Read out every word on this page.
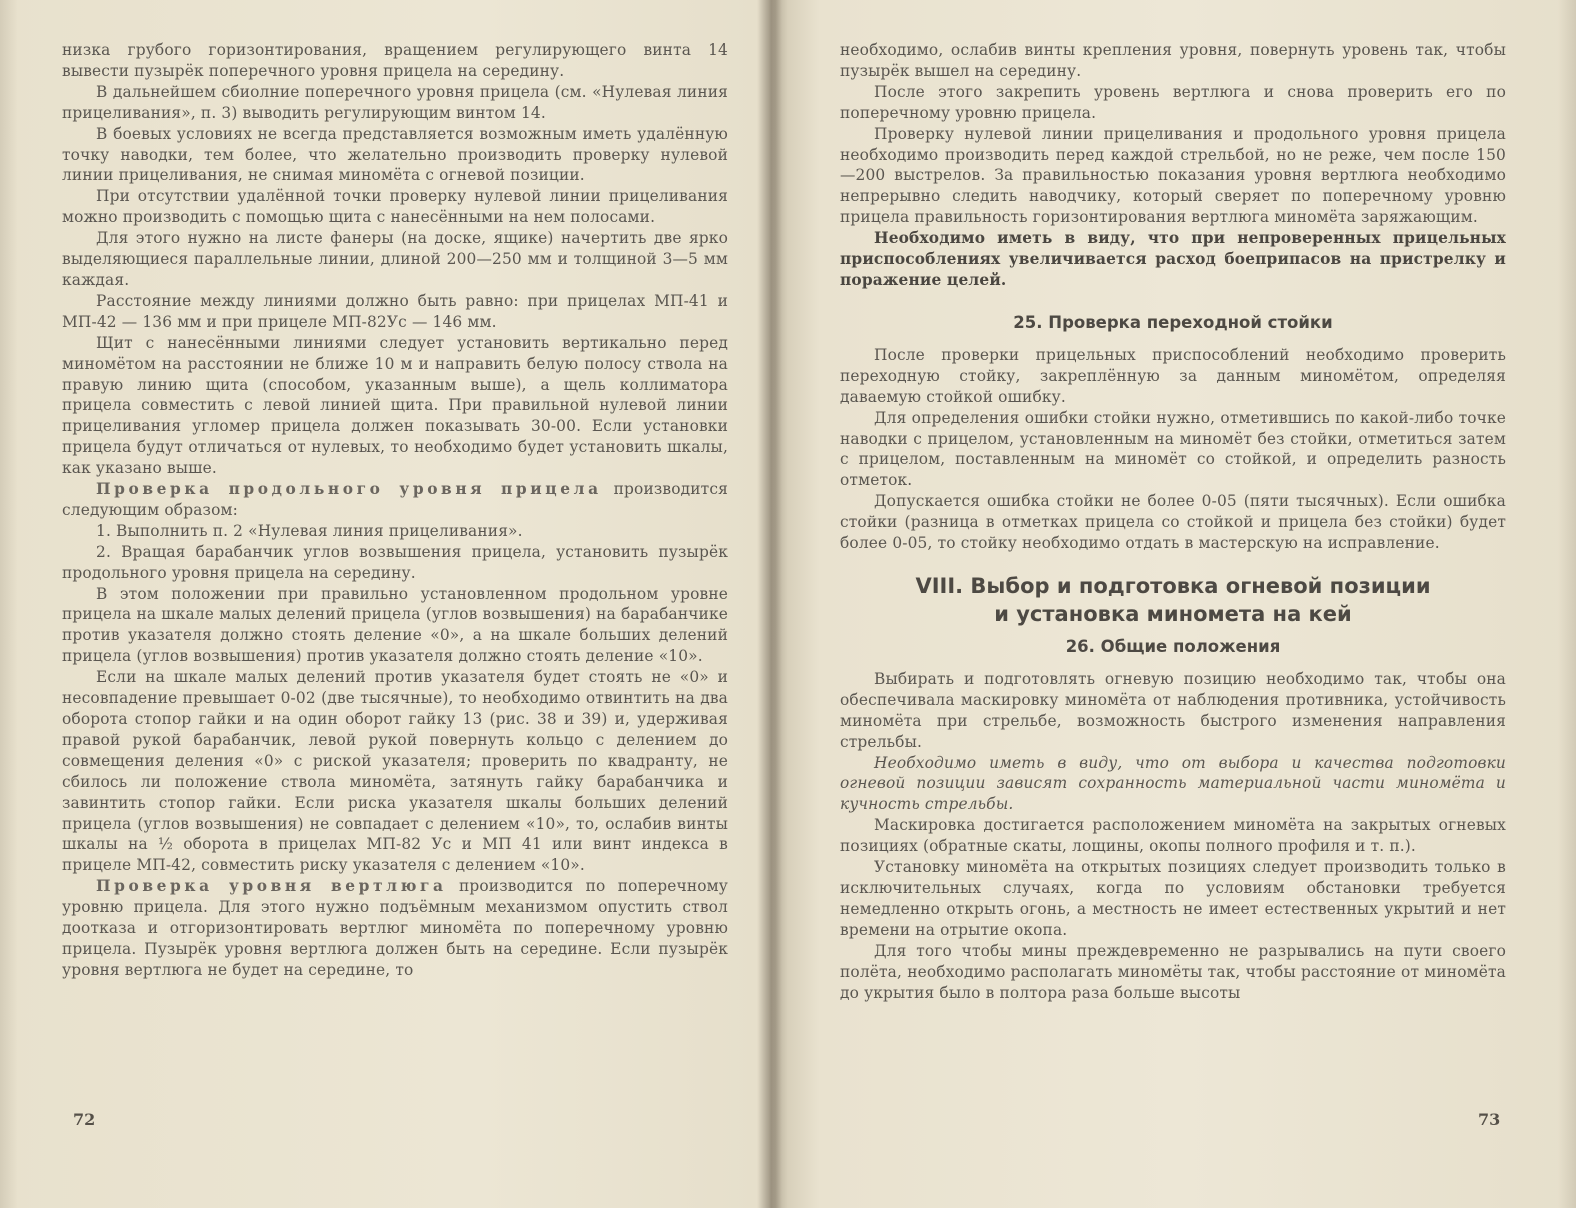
низка грубого горизонтирования, вращением регулирующего винта 14 вывести пузырёк поперечного уровня прицела на середину.

В дальнейшем сбиолние поперечного уровня прицела (см. «Нулевая линия прицеливания», п. 3) выводить регулирующим винтом 14.

В боевых условиях не всегда представляется возможным иметь удалённую точку наводки, тем более, что желательно производить проверку нулевой линии прицеливания, не снимая миномёта с огневой позиции.

При отсутствии удалённой точки проверку нулевой линии прицеливания можно производить с помощью щита с нанесёнными на нем полосами.

Для этого нужно на листе фанеры (на доске, ящике) начертить две ярко выделяющиеся параллельные линии, длиной 200—250 мм и толщиной 3—5 мм каждая.

Расстояние между линиями должно быть равно: при прицелах МП-41 и МП-42 — 136 мм и при прицеле МП-82Ус — 146 мм.

Щит с нанесёнными линиями следует установить вертикально перед миномётом на расстоянии не ближе 10 м и направить белую полосу ствола на правую линию щита (способом, указанным выше), а щель коллиматора прицела совместить с левой линией щита. При правильной нулевой линии прицеливания угломер прицела должен показывать 30-00. Если установки прицела будут отличаться от нулевых, то необходимо будет установить шкалы, как указано выше.

Проверка продольного уровня прицела производится следующим образом:

1. Выполнить п. 2 «Нулевая линия прицеливания».

2. Вращая барабанчик углов возвышения прицела, установить пузырёк продольного уровня прицела на середину.

В этом положении при правильно установленном продольном уровне прицела на шкале малых делений прицела (углов возвышения) на барабанчике против указателя должно стоять деление «0», а на шкале больших делений прицела (углов возвышения) против указателя должно стоять деление «10».

Если на шкале малых делений против указателя будет стоять не «0» и несовпадение превышает 0-02 (две тысячные), то необходимо отвинтить на два оборота стопор гайки и на один оборот гайку 13 (рис. 38 и 39) и, удерживая правой рукой барабанчик, левой рукой повернуть кольцо с делением до совмещения деления «0» с риской указателя; проверить по квадранту, не сбилось ли положение ствола миномёта, затянуть гайку барабанчика и завинтить стопор гайки. Если риска указателя шкалы больших делений прицела (углов возвышения) не совпадает с делением «10», то, ослабив винты шкалы на ½ оборота в прицелах МП-82 Ус и МП 41 или винт индекса в прицеле МП-42, совместить риску указателя с делением «10».

Проверка уровня вертлюга производится по поперечному уровню прицела. Для этого нужно подъёмным механизмом опустить ствол доотказа и отгоризонтировать вертлюг миномёта по поперечному уровню прицела. Пузырёк уровня вертлюга должен быть на середине. Если пузырёк уровня вертлюга не будет на середине, то

72

необходимо, ослабив винты крепления уровня, повернуть уровень так, чтобы пузырёк вышел на середину.

После этого закрепить уровень вертлюга и снова проверить его по поперечному уровню прицела.

Проверку нулевой линии прицеливания и продольного уровня прицела необходимо производить перед каждой стрельбой, но не реже, чем после 150—200 выстрелов. За правильностью показания уровня вертлюга необходимо непрерывно следить наводчику, который сверяет по поперечному уровню прицела правильность горизонтирования вертлюга миномёта заряжающим.

Необходимо иметь в виду, что при непроверенных прицельных приспособлениях увеличивается расход боеприпасов на пристрелку и поражение целей.

25. Проверка переходной стойки

После проверки прицельных приспособлений необходимо проверить переходную стойку, закреплённую за данным миномётом, определяя даваемую стойкой ошибку.

Для определения ошибки стойки нужно, отметившись по какой-либо точке наводки с прицелом, установленным на миномёт без стойки, отметиться затем с прицелом, поставленным на миномёт со стойкой, и определить разность отметок.

Допускается ошибка стойки не более 0-05 (пяти тысячных). Если ошибка стойки (разница в отметках прицела со стойкой и прицела без стойки) будет более 0-05, то стойку необходимо отдать в мастерскую на исправление.

VIII. Выбор и подготовка огневой позиции
и установка миномета на кей
26. Общие положения

Выбирать и подготовлять огневую позицию необходимо так, чтобы она обеспечивала маскировку миномёта от наблюдения противника, устойчивость миномёта при стрельбе, возможность быстрого изменения направления стрельбы.

Необходимо иметь в виду, что от выбора и качества подготовки огневой позиции зависят сохранность материальной части миномёта и кучность стрельбы.

Маскировка достигается расположением миномёта на закрытых огневых позициях (обратные скаты, лощины, окопы полного профиля и т. п.).

Установку миномёта на открытых позициях следует производить только в исключительных случаях, когда по условиям обстановки требуется немедленно открыть огонь, а местность не имеет естественных укрытий и нет времени на отрытие окопа.

Для того чтобы мины преждевременно не разрывались на пути своего полёта, необходимо располагать миномёты так, чтобы расстояние от миномёта до укрытия было в полтора раза больше высоты

73
